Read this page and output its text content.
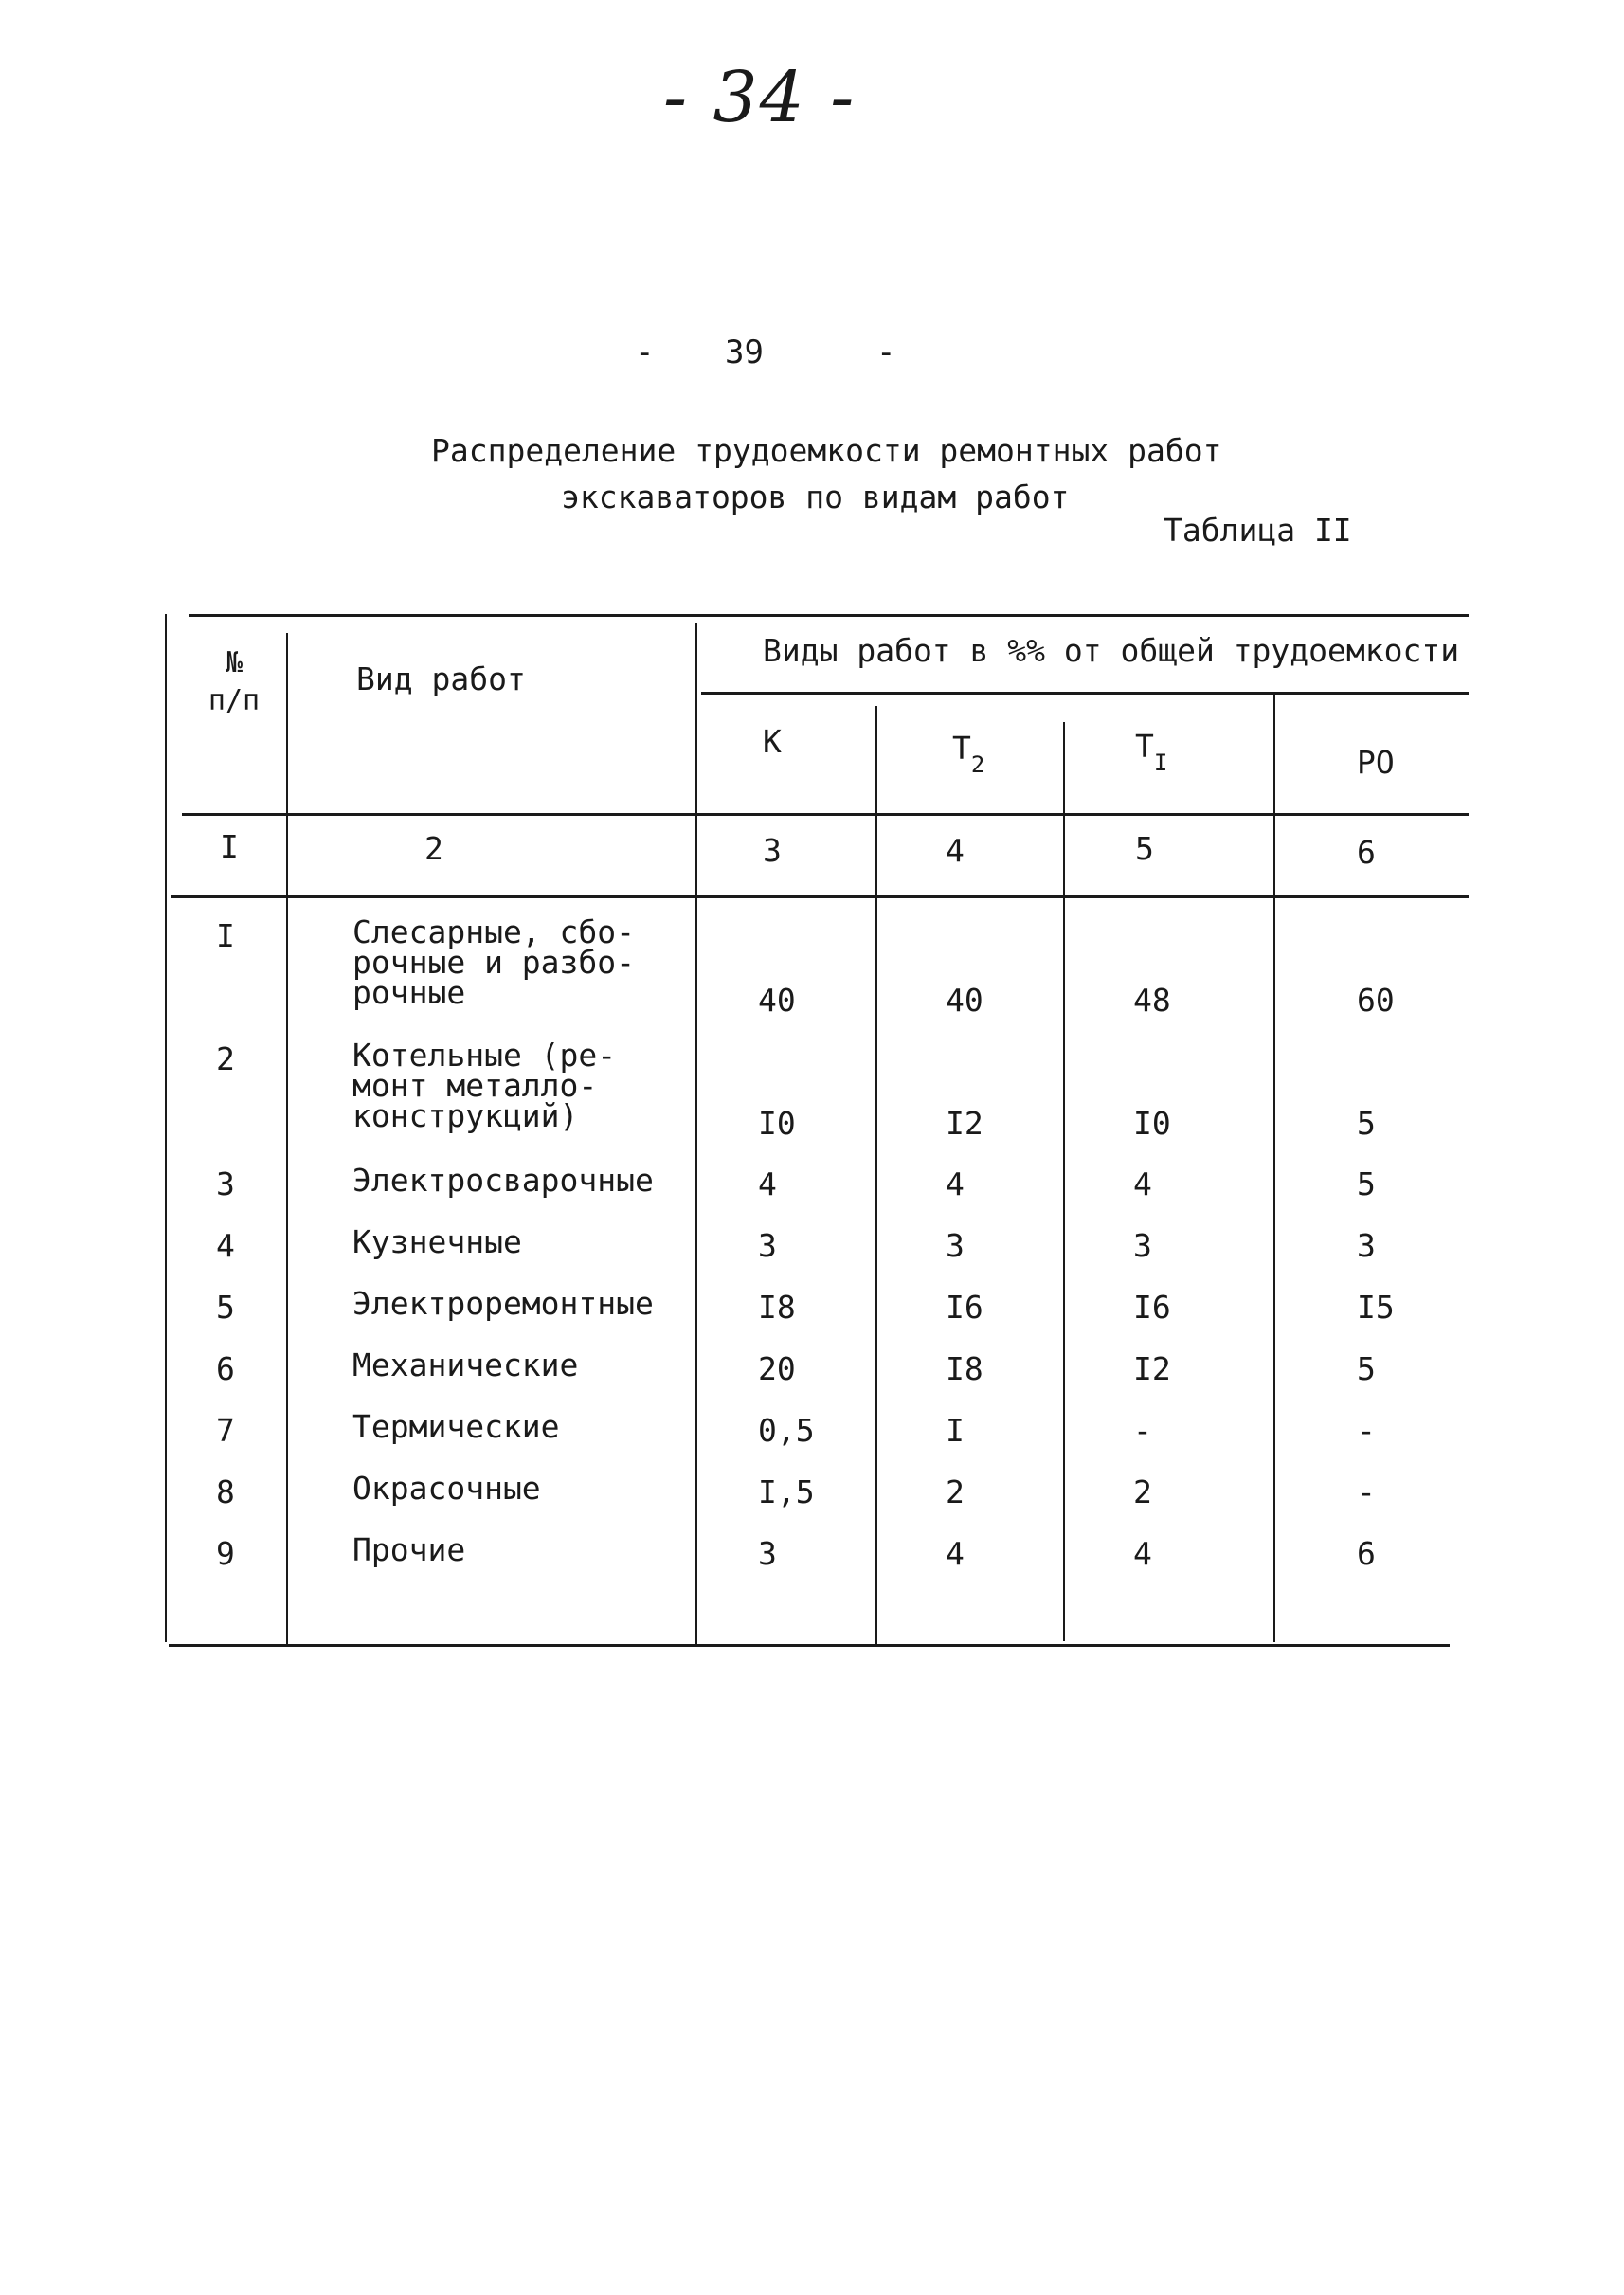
- 34 -
- 39	-
Распределение трудоемкости ремонтных работ
экскаваторов по видам работ
Таблица II
№
п/п
Вид работ
Виды работ в %% от общей трудоемкости
К	$Т_2$	$Т_I$	РО
I	2	3	4	5	6
I	Слесарные, сбо-
рочные и разбо-
рочные	40	40	48	60
2	Котельные (ре-
монт металло-
конструкций)	I0	I2	I0	5
3	Электросварочные	4	4	4	5
4	Кузнечные	3	3	3	3
5	Электроремонтные	I8	I6	I6	I5
6	Механические	20	I8	I2	5
7	Термические	0,5	I	-	-
8	Окрасочные	I,5	2	2	-
9	Прочие	3	4	4	6
